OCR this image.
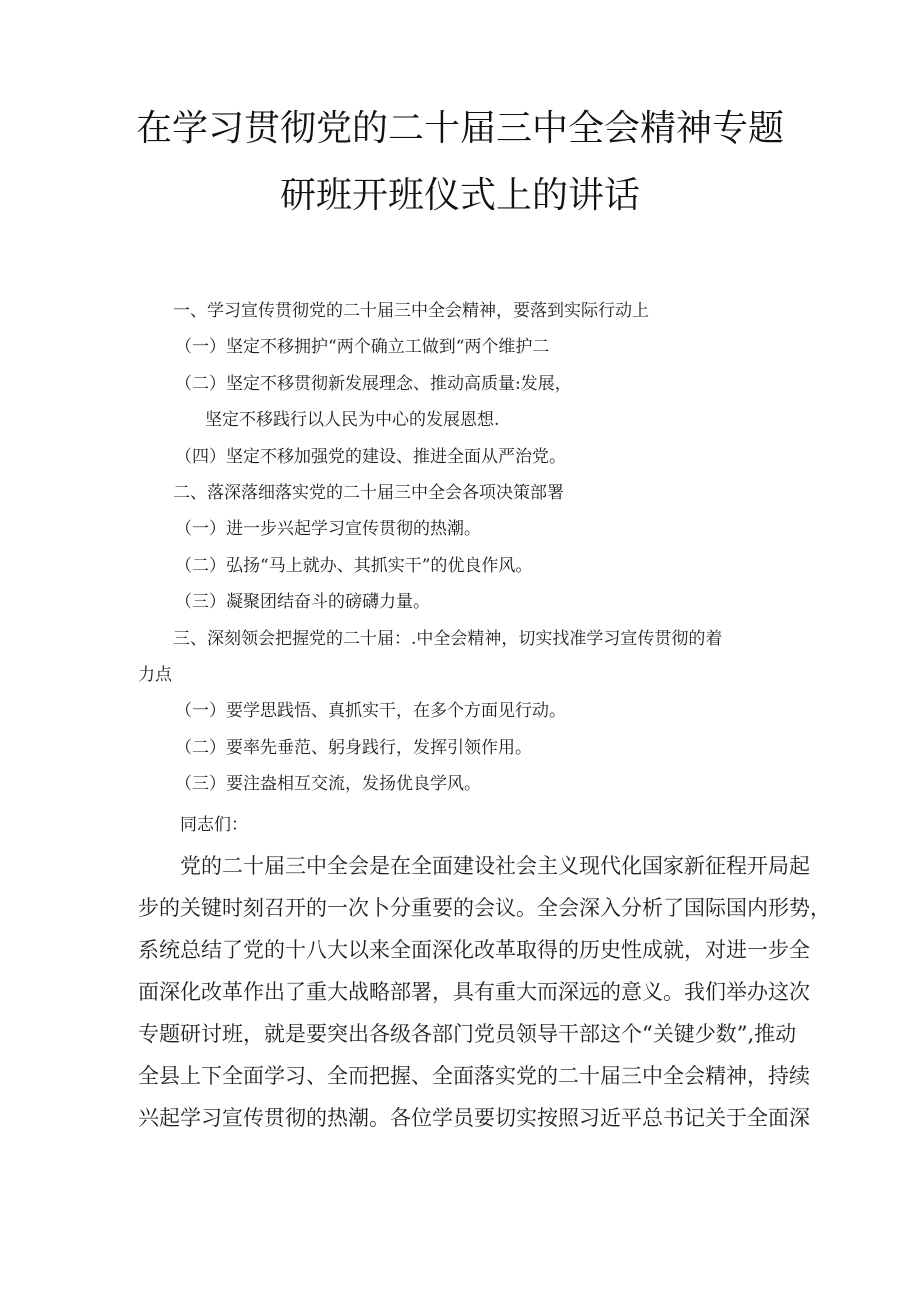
在学习贯彻党的二十届三中全会精神专题
研班开班仪式上的讲话
一、学习宣传贯彻党的二十届三中全会精神，要落到实际行动上
（一）坚定不移拥护“两个确立工做到“两个维护二
（二）坚定不移贯彻新发展理念、推动高质量:发展，
坚定不移践行以人民为中心的发展恩想.
（四）坚定不移加强党的建设、推进全面从严治党。
二、落深落细落实党的二十届三中全会各项决策部署
（一）进一步兴起学习宣传贯彻的热潮。
（二）弘扬“马上就办、其抓实干”的优良作风。
（三）凝聚团结奋斗的磅礴力量。
三、深刻领会把握党的二十届：.中全会精神，切实找准学习宣传贯彻的着
力点
（一）要学思践悟、真抓实干，在多个方面见行动。
（二）要率先垂范、躬身践行，发挥引领作用。
（三）要注盎相互交流，发扬优良学风。
同志们：
党的二十届三中全会是在全面建设社会主义现代化国家新征程开局起
步的关键时刻召开的一次卜分重要的会议。全会深入分析了国际国内形势，
系统总结了党的十八大以来全面深化改革取得的历史性成就，对进一步全
面深化改革作出了重大战略部署，具有重大而深远的意义。我们举办这次
专题研讨班，就是要突出各级各部门党员领导干部这个“关键少数”,推动
全县上下全面学习、全而把握、全面落实党的二十届三中全会精神，持续
兴起学习宣传贯彻的热潮。各位学员要切实按照习近平总书记关于全面深
